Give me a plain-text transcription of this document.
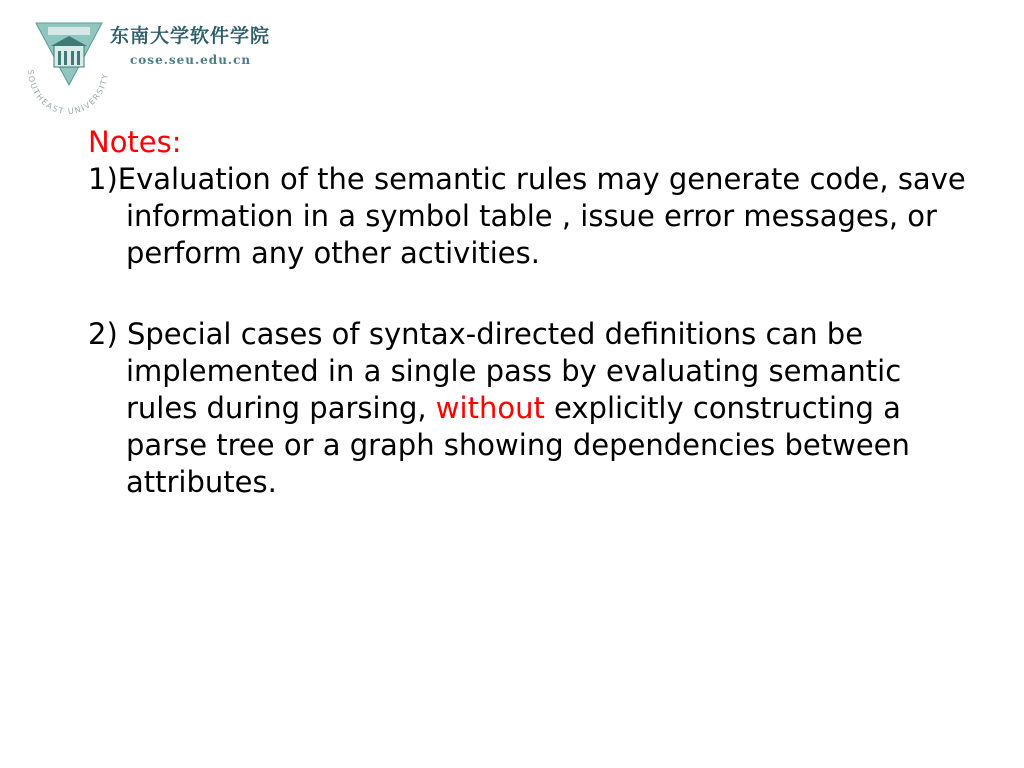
SOUTHEAST UNIVERSITY
东南大学软件学院
cose.seu.edu.cn

Notes:

1)Evaluation of the semantic rules may generate code, save information in a symbol table , issue error messages, or perform any other activities.

2) Special cases of syntax-directed definitions can be implemented in a single pass by evaluating semantic rules during parsing, without explicitly constructing a parse tree or a graph showing dependencies between attributes.
